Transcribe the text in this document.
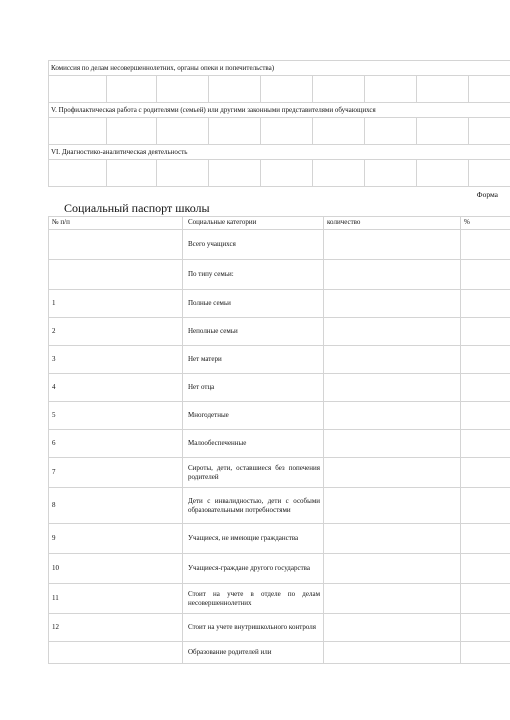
Комиссия по делам несовершеннолетних, органы опеки и попечительства)								

V. Профилактическая работа с родителями (семьей) или другими законными представителями обучающихся								

VI. Диагностико-аналитическая деятельность								

Форма
Социальный паспорт школы
№ п/п	Социальные категории	количество	%
	Всего учащихся		
	По типу семьи:		
1	Полные семьи		
2	Неполные семьи		
3	Нет матери		
4	Нет отца		
5	Многодетные		
6	Малообеспеченные		
7	Сироты, дети, оставшиеся без попечения родителей		
8	Дети с инвалидностью, дети с особыми образовательными потребностями		
9	Учащиеся, не имеющие гражданства		
10	Учащиеся-граждане другого государства		
11	Стоит на учете в отделе по делам несовершеннолетних		
12	Стоит на учете внутришкольного контроля		
	Образование родителей или		
